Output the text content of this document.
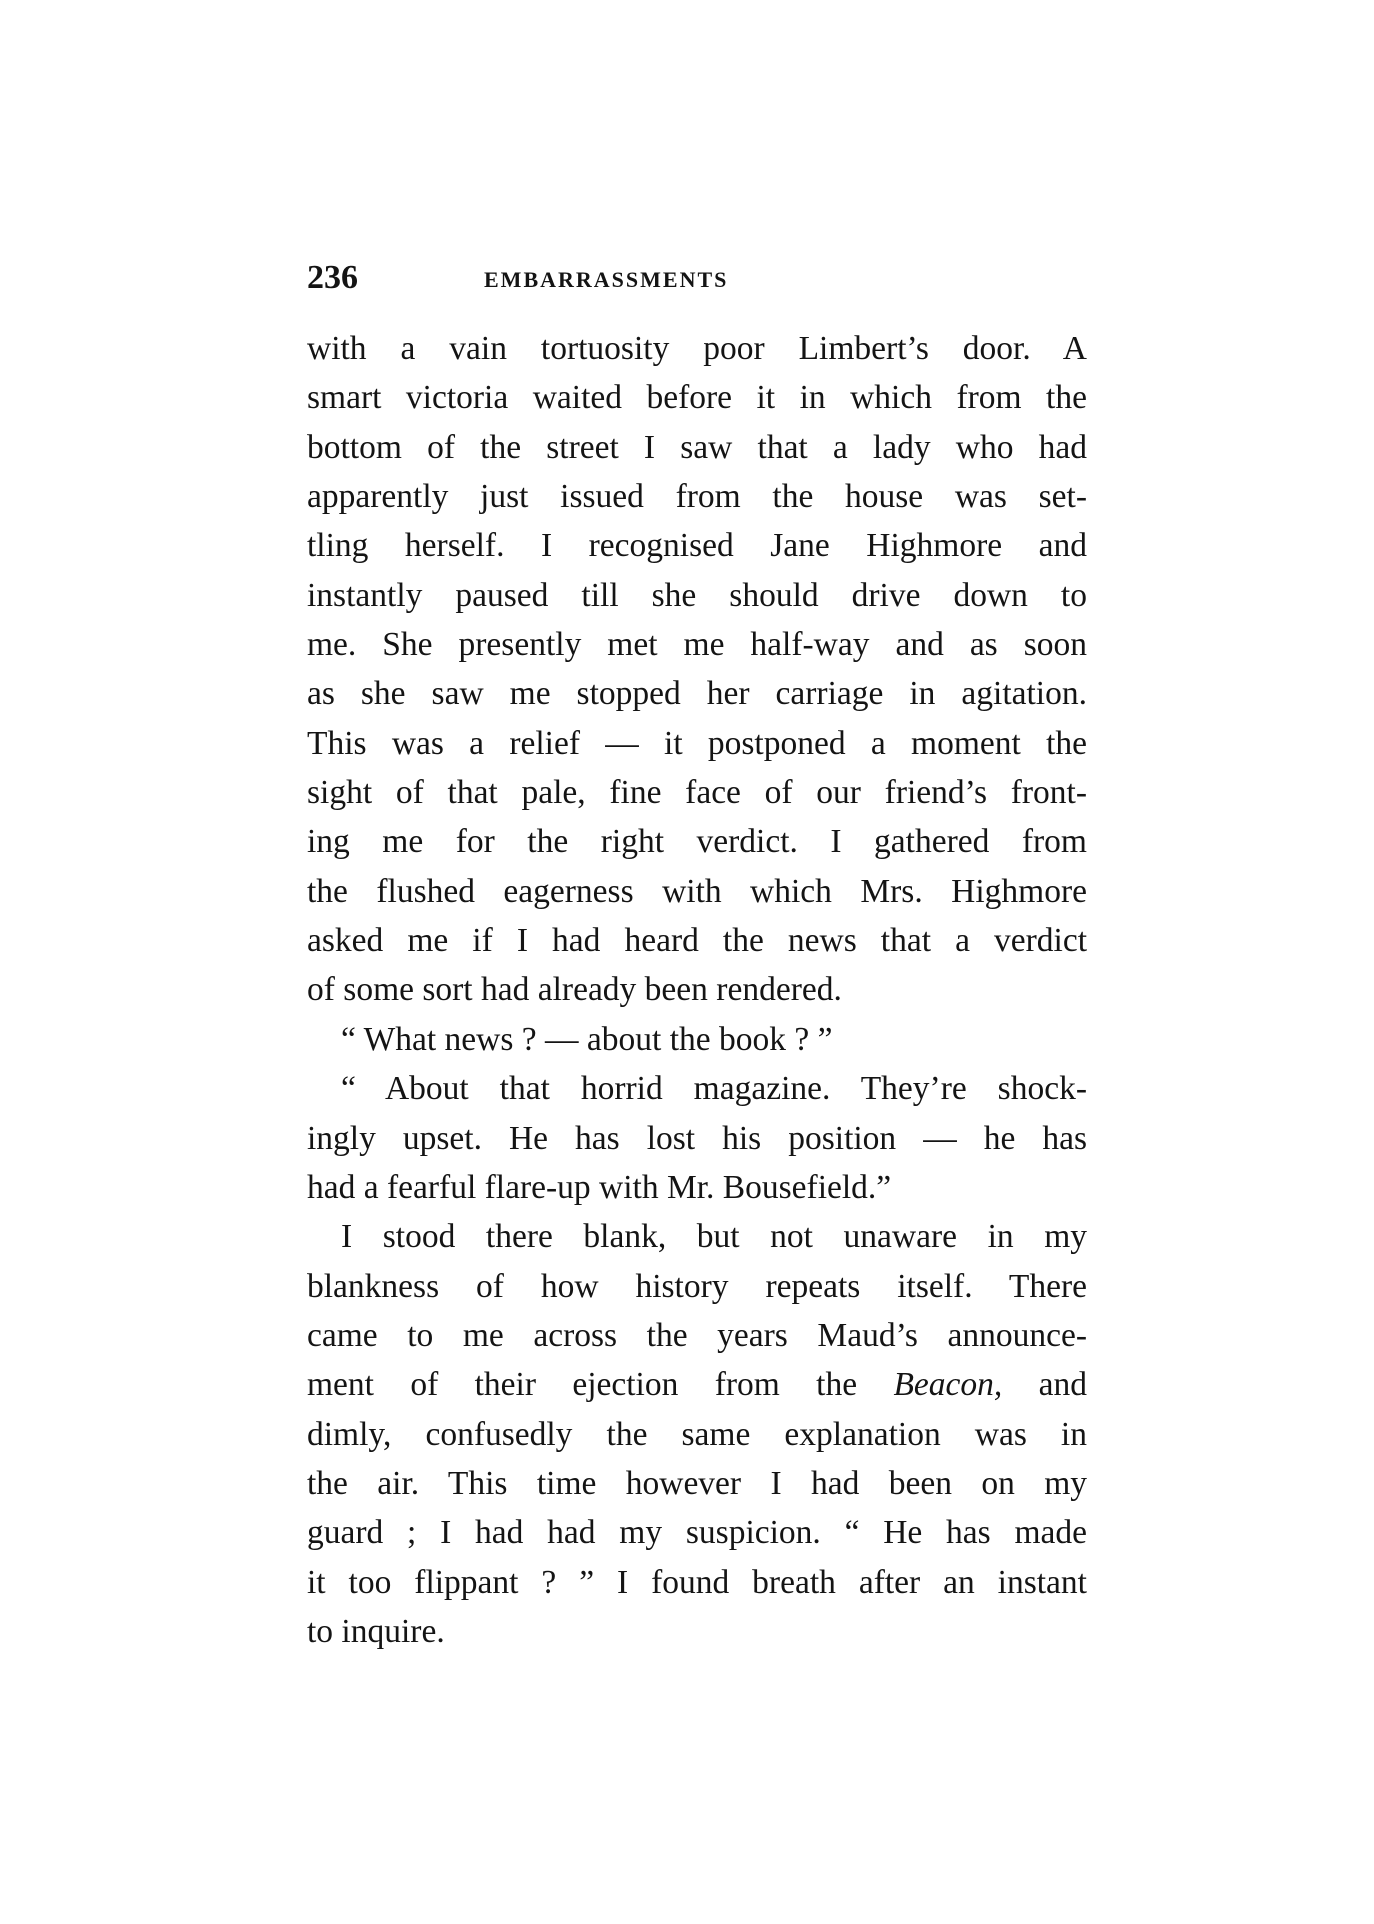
236	EMBARRASSMENTS
with a vain tortuosity poor Limbert’s door. A
smart victoria waited before it in which from the
bottom of the street I saw that a lady who had
apparently just issued from the house was set-
tling herself. I recognised Jane Highmore and
instantly paused till she should drive down to
me. She presently met me half-way and as soon
as she saw me stopped her carriage in agitation.
This was a relief — it postponed a moment the
sight of that pale, fine face of our friend’s front-
ing me for the right verdict. I gathered from
the flushed eagerness with which Mrs. Highmore
asked me if I had heard the news that a verdict
of some sort had already been rendered.
“ What news ? — about the book ? ”
“ About that horrid magazine. They’re shock-
ingly upset. He has lost his position — he has
had a fearful flare-up with Mr. Bousefield.”
I stood there blank, but not unaware in my
blankness of how history repeats itself. There
came to me across the years Maud’s announce-
ment of their ejection from the Beacon, and
dimly, confusedly the same explanation was in
the air. This time however I had been on my
guard ; I had had my suspicion. “ He has made
it too flippant ? ” I found breath after an instant
to inquire.
